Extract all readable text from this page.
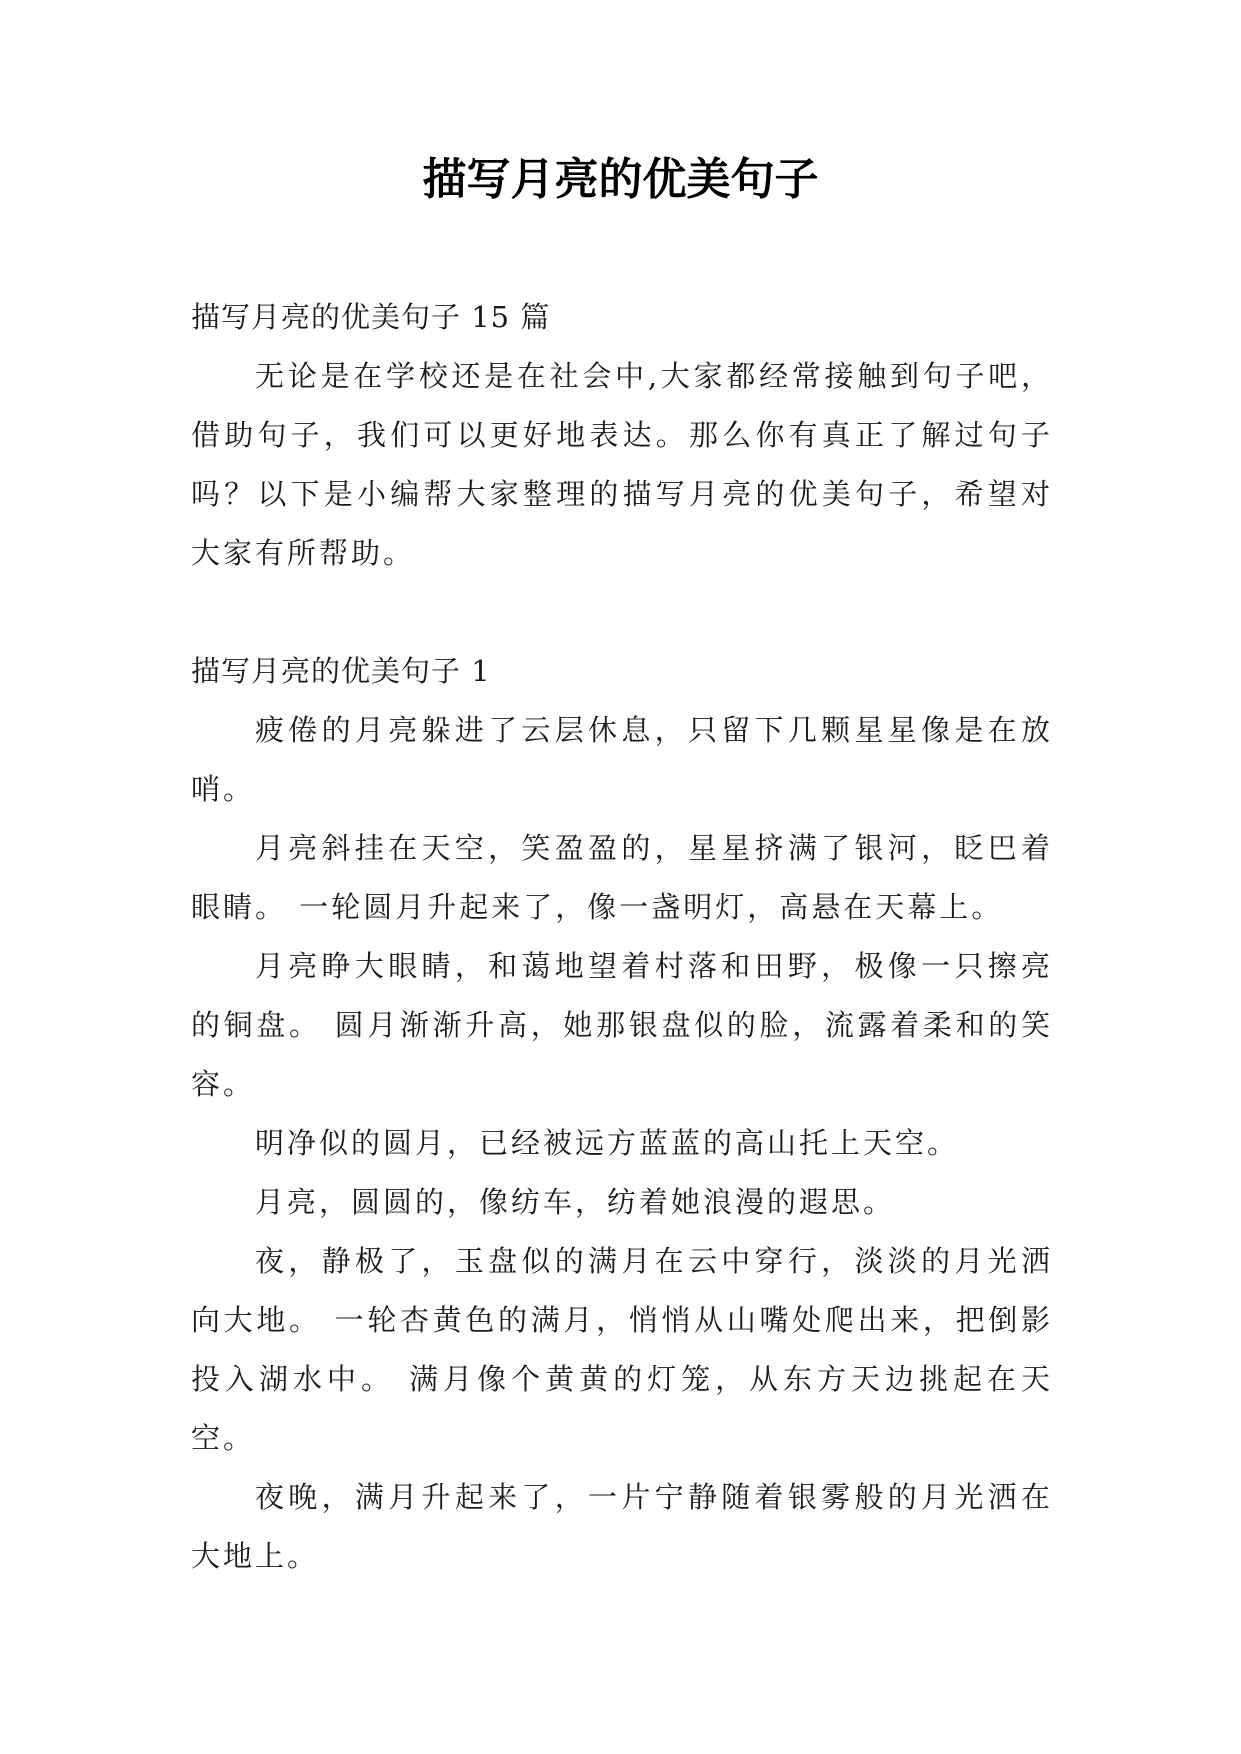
描写月亮的优美句子

描写月亮的优美句子 15 篇

无论是在学校还是在社会中,大家都经常接触到句子吧，借助句子，我们可以更好地表达。那么你有真正了解过句子吗？以下是小编帮大家整理的描写月亮的优美句子，希望对大家有所帮助。

描写月亮的优美句子 1

疲倦的月亮躲进了云层休息，只留下几颗星星像是在放哨。

月亮斜挂在天空，笑盈盈的，星星挤满了银河，眨巴着眼睛。 一轮圆月升起来了，像一盏明灯，高悬在天幕上。

月亮睁大眼睛，和蔼地望着村落和田野，极像一只擦亮的铜盘。 圆月渐渐升高，她那银盘似的脸，流露着柔和的笑容。

明净似的圆月，已经被远方蓝蓝的高山托上天空。

月亮，圆圆的，像纺车，纺着她浪漫的遐思。

夜，静极了，玉盘似的满月在云中穿行，淡淡的月光洒向大地。 一轮杏黄色的满月，悄悄从山嘴处爬出来，把倒影投入湖水中。 满月像个黄黄的灯笼，从东方天边挑起在天空。

夜晚，满月升起来了，一片宁静随着银雾般的月光洒在大地上。
